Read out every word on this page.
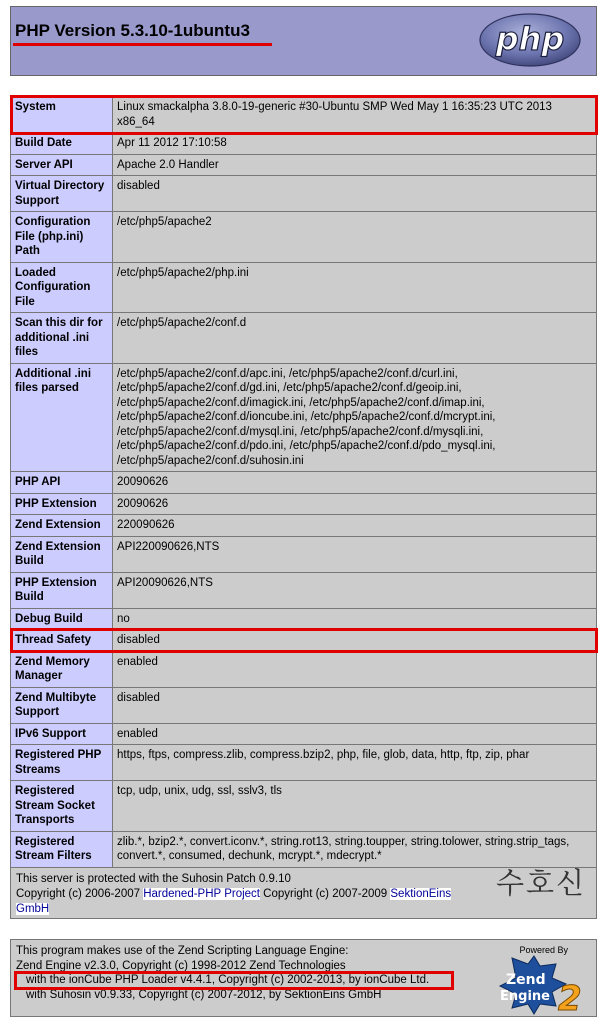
PHP Version 5.3.10-1ubuntu3	php
System	Linux smackalpha 3.8.0-19-generic #30-Ubuntu SMP Wed May 1 16:35:23 UTC 2013 x86_64
Build Date	Apr 11 2012 17:10:58
Server API	Apache 2.0 Handler
Virtual Directory Support	disabled
Configuration File (php.ini) Path	/etc/php5/apache2
Loaded Configuration File	/etc/php5/apache2/php.ini
Scan this dir for additional .ini files	/etc/php5/apache2/conf.d
Additional .ini files parsed	/etc/php5/apache2/conf.d/apc.ini, /etc/php5/apache2/conf.d/curl.ini, /etc/php5/apache2/conf.d/gd.ini, /etc/php5/apache2/conf.d/geoip.ini, /etc/php5/apache2/conf.d/imagick.ini, /etc/php5/apache2/conf.d/imap.ini, /etc/php5/apache2/conf.d/ioncube.ini, /etc/php5/apache2/conf.d/mcrypt.ini, /etc/php5/apache2/conf.d/mysql.ini, /etc/php5/apache2/conf.d/mysqli.ini, /etc/php5/apache2/conf.d/pdo.ini, /etc/php5/apache2/conf.d/pdo_mysql.ini, /etc/php5/apache2/conf.d/suhosin.ini
PHP API	20090626
PHP Extension	20090626
Zend Extension	220090626
Zend Extension Build	API220090626,NTS
PHP Extension Build	API20090626,NTS
Debug Build	no
Thread Safety	disabled
Zend Memory Manager	enabled
Zend Multibyte Support	disabled
IPv6 Support	enabled
Registered PHP Streams	https, ftps, compress.zlib, compress.bzip2, php, file, glob, data, http, ftp, zip, phar
Registered Stream Socket Transports	tcp, udp, unix, udg, ssl, sslv3, tls
Registered Stream Filters	zlib.*, bzip2.*, convert.iconv.*, string.rot13, string.toupper, string.tolower, string.strip_tags, convert.*, consumed, dechunk, mcrypt.*, mdecrypt.*
This server is protected with the Suhosin Patch 0.9.10
Copyright (c) 2006-2007 Hardened-PHP Project Copyright (c) 2007-2009 SektionEins GmbH
수호신
This program makes use of the Zend Scripting Language Engine:
Zend Engine v2.3.0, Copyright (c) 1998-2012 Zend Technologies
with the ionCube PHP Loader v4.4.1, Copyright (c) 2002-2013, by ionCube Ltd.
with Suhosin v0.9.33, Copyright (c) 2007-2012, by SektionEins GmbH
Powered By
Zend
Engine 2
